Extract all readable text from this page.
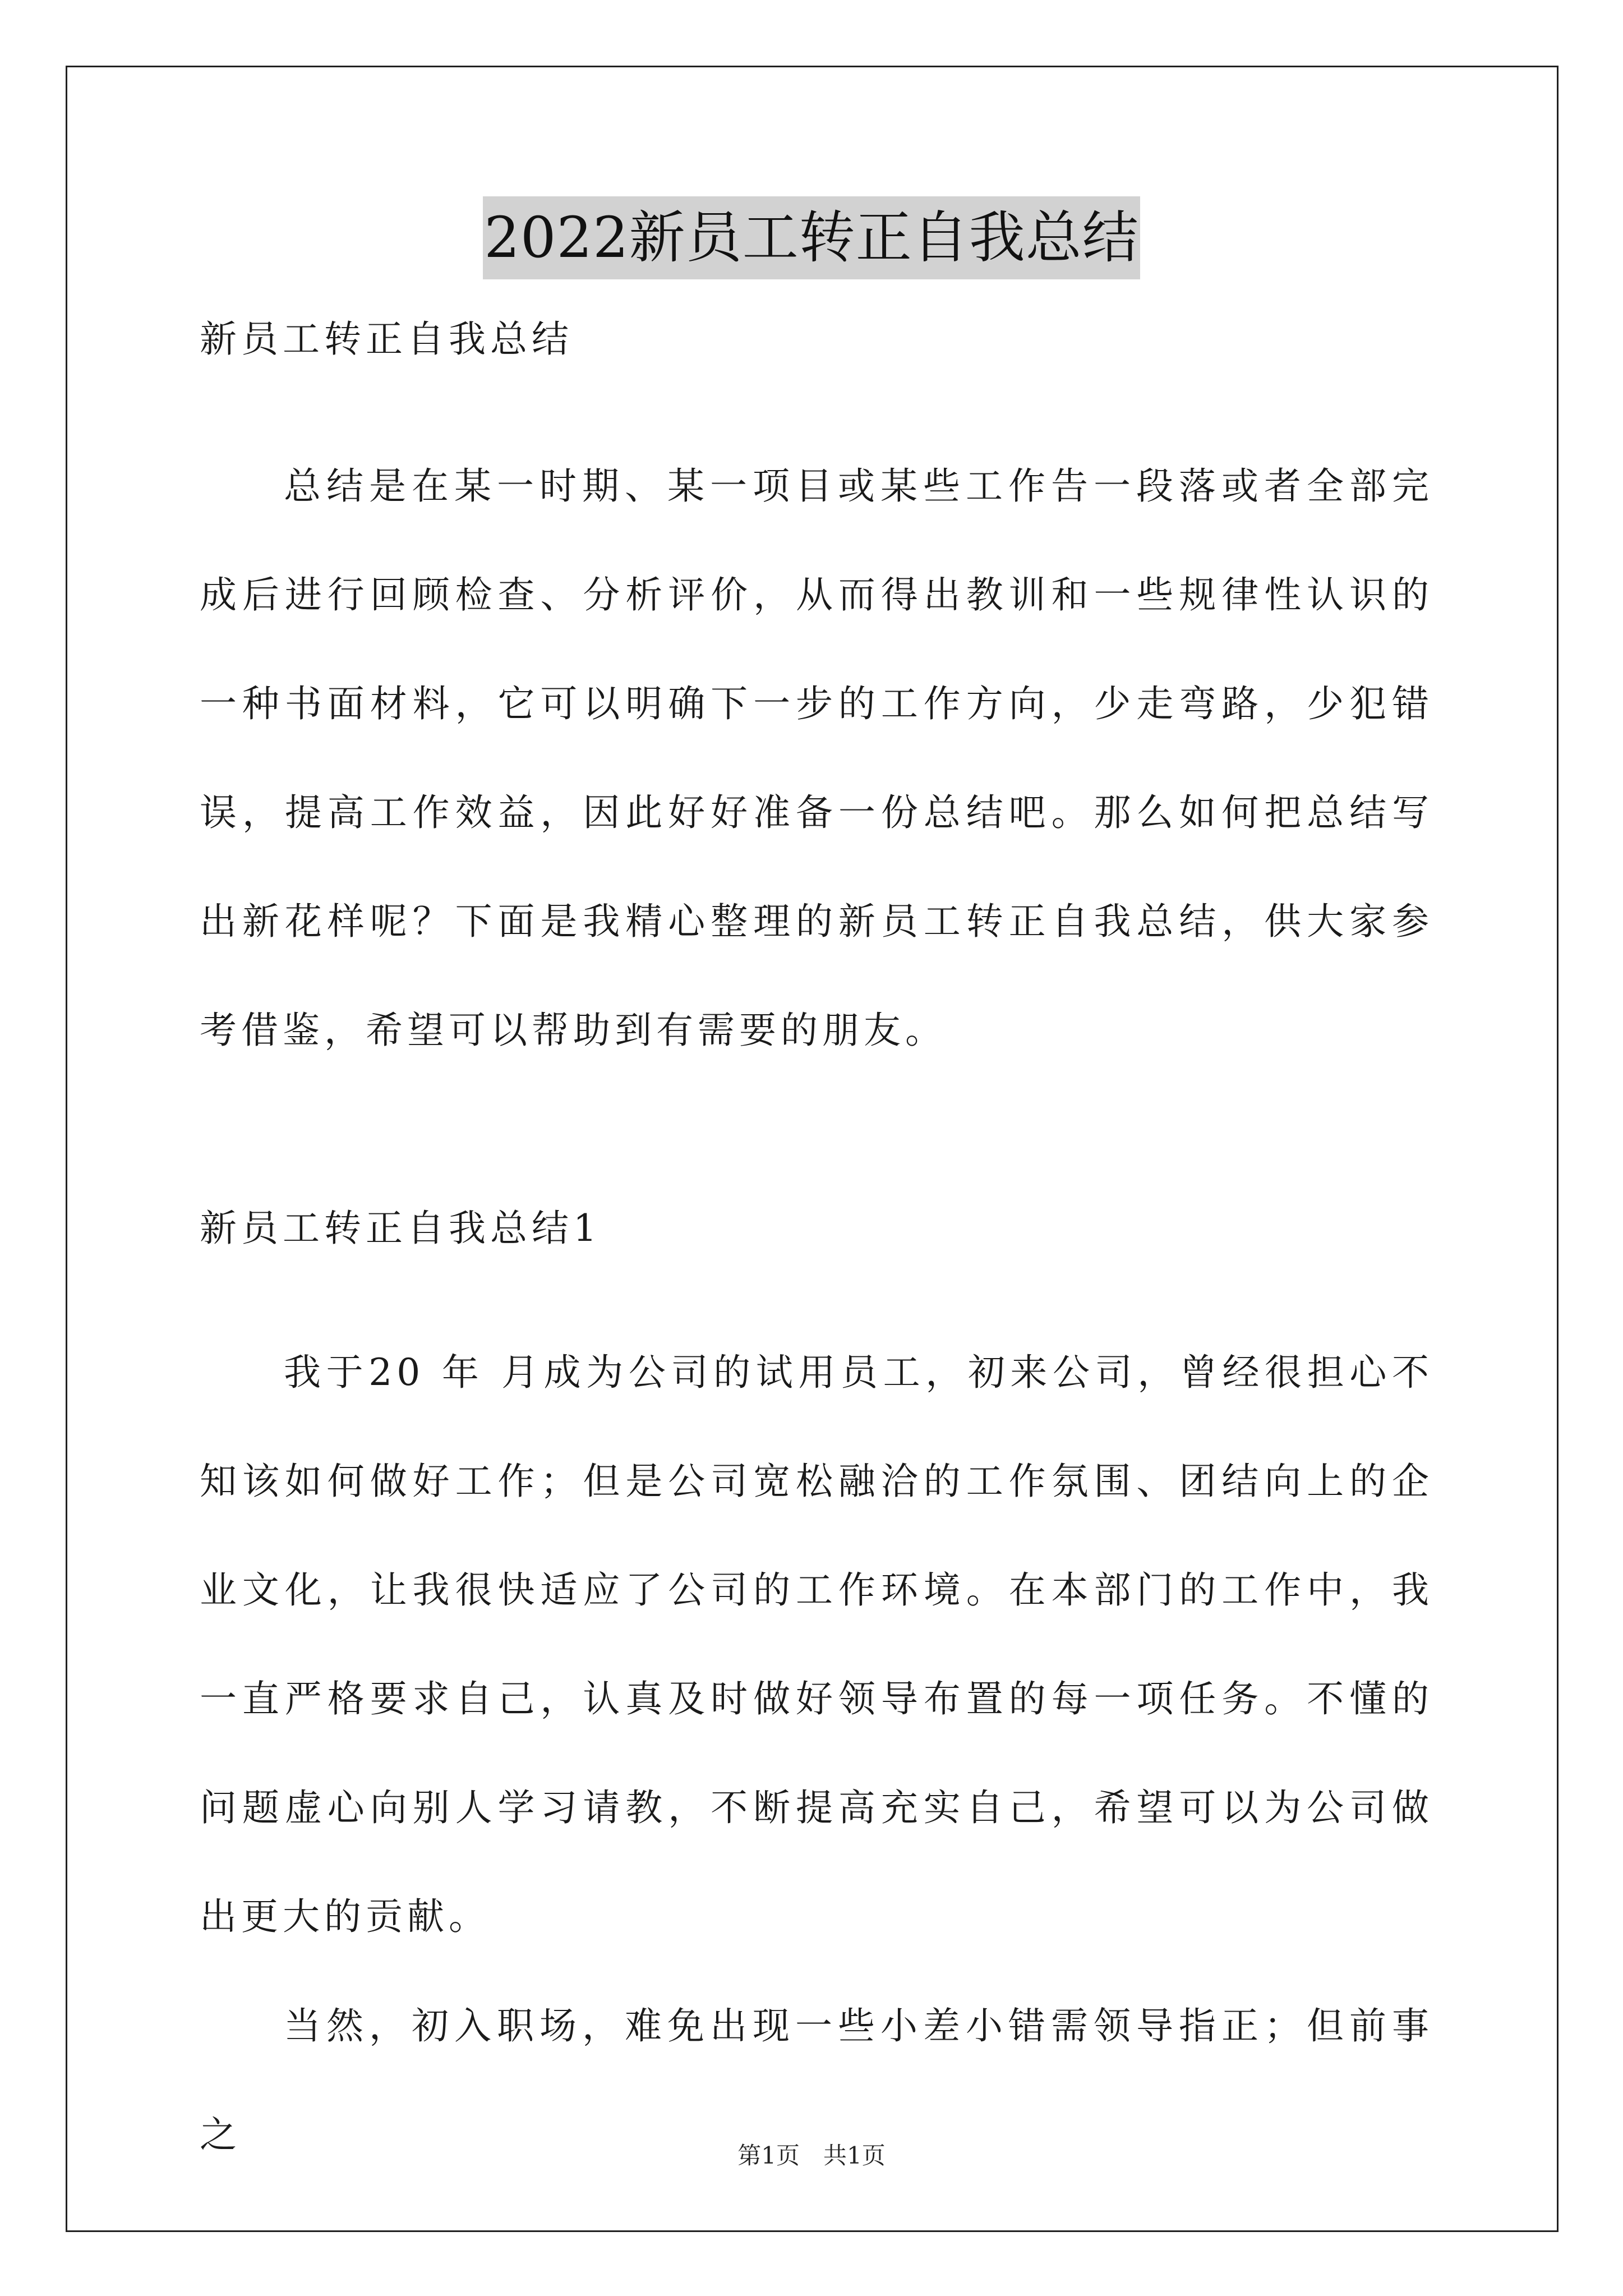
2022新员工转正自我总结
新员工转正自我总结
总结是在某一时期、某一项目或某些工作告一段落或者全部完成后进行回顾检查、分析评价，从而得出教训和一些规律性认识的一种书面材料，它可以明确下一步的工作方向，少走弯路，少犯错误，提高工作效益，因此好好准备一份总结吧。那么如何把总结写出新花样呢？下面是我精心整理的新员工转正自我总结，供大家参考借鉴，希望可以帮助到有需要的朋友。
新员工转正自我总结1
我于20 年 月成为公司的试用员工，初来公司，曾经很担心不知该如何做好工作；但是公司宽松融洽的工作氛围、团结向上的企业文化，让我很快适应了公司的工作环境。在本部门的工作中，我一直严格要求自己，认真及时做好领导布置的每一项任务。不懂的问题虚心向别人学习请教，不断提高充实自己，希望可以为公司做出更大的贡献。
当然，初入职场，难免出现一些小差小错需领导指正；但前事之	第1页　共1页
